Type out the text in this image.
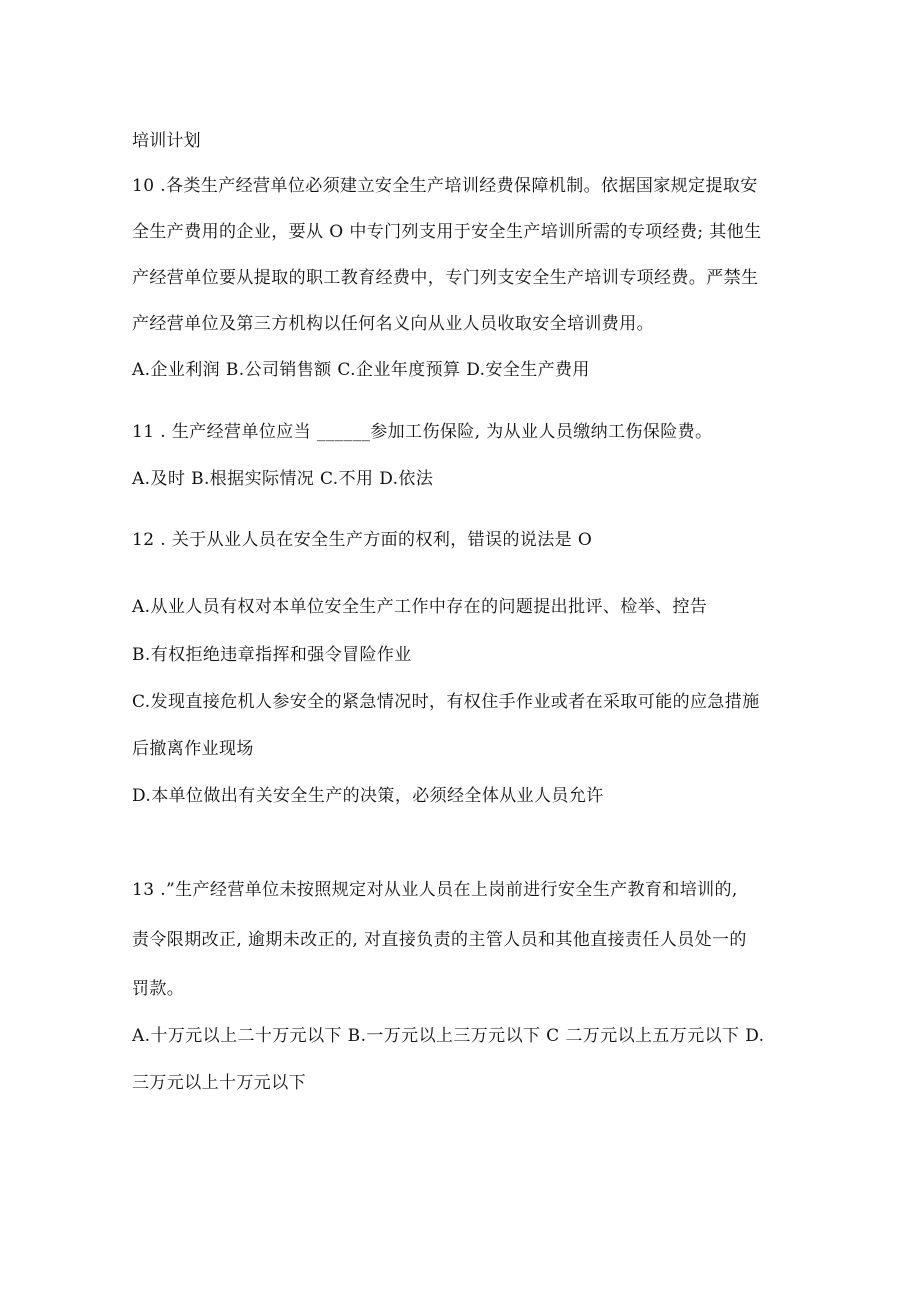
培训计划
10 .各类生产经营单位必须建立安全生产培训经费保障机制。依据国家规定提取安
全生产费用的企业，要从 O 中专门列支用于安全生产培训所需的专项经费; 其他生
产经营单位要从提取的职工教育经费中，专门列支安全生产培训专项经费。严禁生
产经营单位及第三方机构以任何名义向从业人员收取安全培训费用。
A.企业利润 B.公司销售额 C.企业年度预算 D.安全生产费用
11 . 生产经营单位应当 ______参加工伤保险, 为从业人员缴纳工伤保险费。
A.及时 B.根据实际情况 C.不用 D.依法
12 . 关于从业人员在安全生产方面的权利，错误的说法是 O
A.从业人员有权对本单位安全生产工作中存在的问题提出批评、检举、控告
B.有权拒绝违章指挥和强令冒险作业
C.发现直接危机人参安全的紧急情况时，有权住手作业或者在采取可能的应急措施
后撤离作业现场
D.本单位做出有关安全生产的决策，必须经全体从业人员允许
13 .”生产经营单位未按照规定对从业人员在上岗前进行安全生产教育和培训的,
责令限期改正, 逾期未改正的, 对直接负责的主管人员和其他直接责任人员处一的
罚款。
A.十万元以上二十万元以下 B.一万元以上三万元以下 C 二万元以上五万元以下 D.
三万元以上十万元以下
